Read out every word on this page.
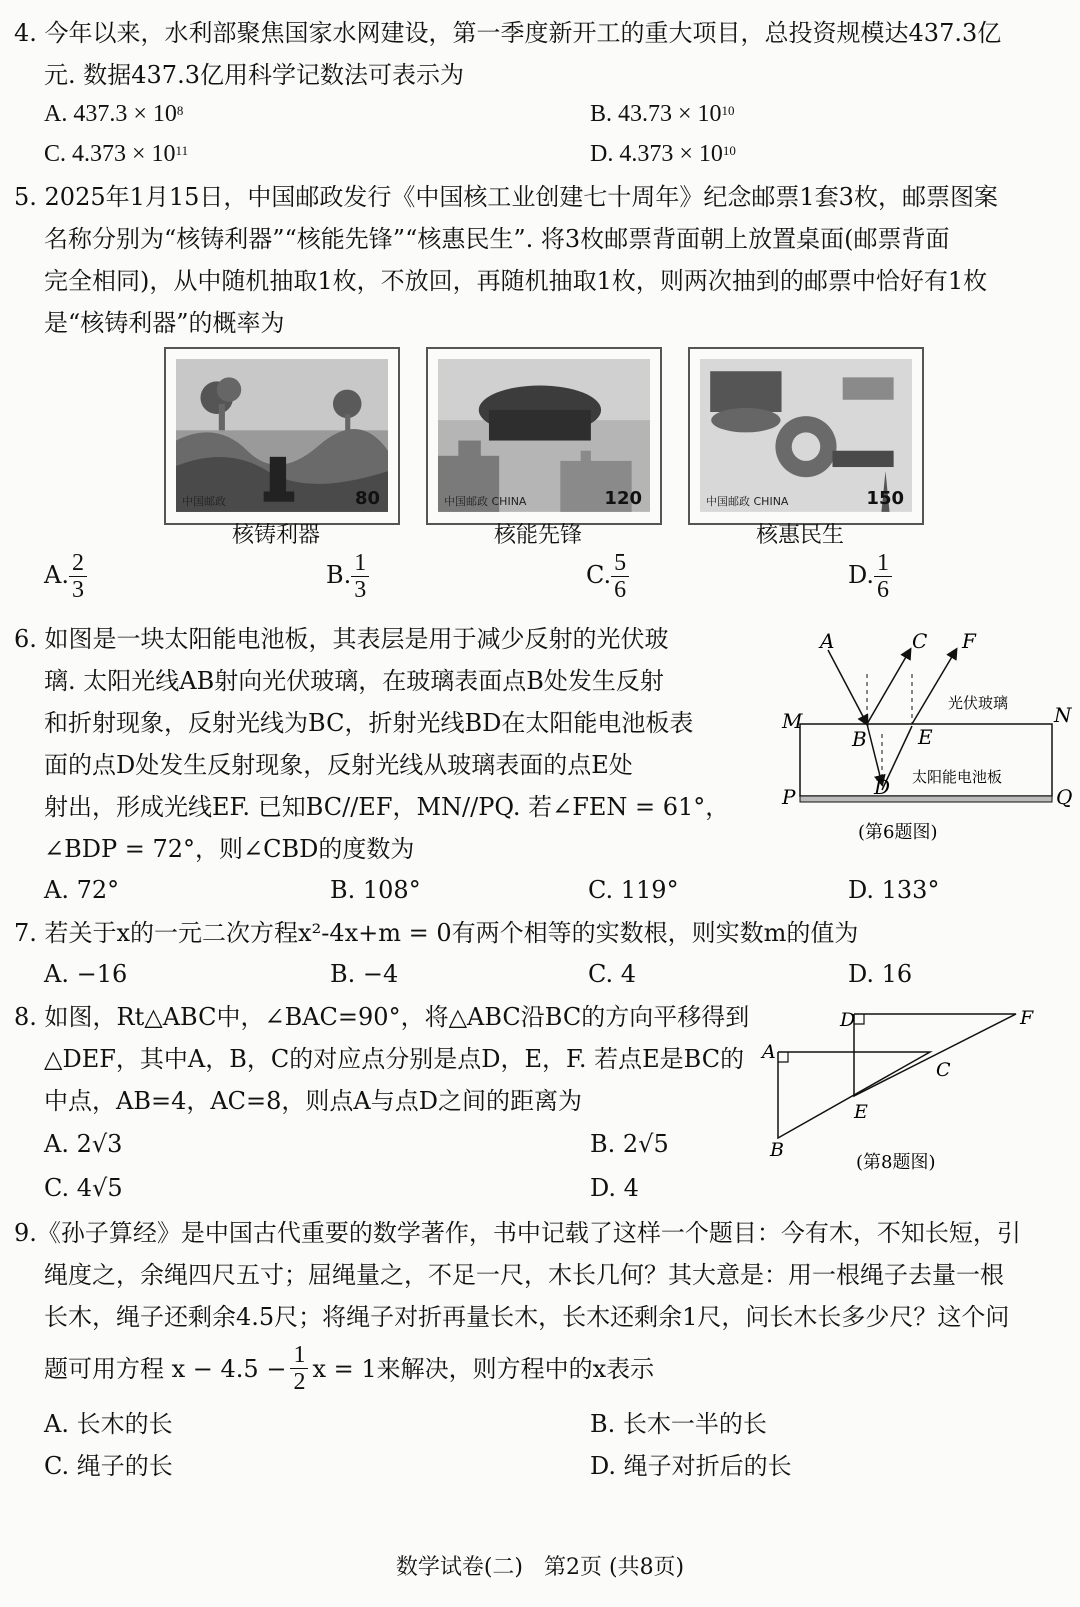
4. 今年以来，水利部聚焦国家水网建设，第一季度新开工的重大项目，总投资规模达437.3亿
元. 数据437.3亿用科学记数法可表示为
A. $437.3 \times 10^8$	B. $43.73 \times 10^{10}$
C. $4.373 \times 10^{11}$	D. $4.373 \times 10^{10}$
5. 2025年1月15日，中国邮政发行《中国核工业创建七十周年》纪念邮票1套3枚，邮票图案
名称分别为“核铸利器”“核能先锋”“核惠民生”. 将3枚邮票背面朝上放置桌面(邮票背面
完全相同)，从中随机抽取1枚，不放回，再随机抽取1枚，则两次抽到的邮票中恰好有1枚
是“核铸利器”的概率为
中国邮政	80
核铸利器
中国邮政 CHINA	120
核能先锋
中国邮政 CHINA	150
核惠民生
A. $\frac{2}{3}$	B. $\frac{1}{3}$	C. $\frac{5}{6}$	D. $\frac{1}{6}$
6. 如图是一块太阳能电池板，其表层是用于减少反射的光伏玻
璃. 太阳光线AB射向光伏玻璃，在玻璃表面点B处发生反射
和折射现象，反射光线为BC，折射光线BD在太阳能电池板表
面的点D处发生反射现象，反射光线从玻璃表面的点E处
射出，形成光线EF. 已知BC//EF，MN//PQ. 若∠FEN = 61°，
∠BDP = 72°，则∠CBD的度数为
A	C F
M	N
B	E
D
P	Q
光伏玻璃
太阳能电池板
(第6题图)
A. 72°	B. 108°	C. 119°	D. 133°
7. 若关于x的一元二次方程x²-4x+m = 0有两个相等的实数根，则实数m的值为
A. −16	B. −4	C. 4	D. 16
8. 如图，Rt△ABC中，∠BAC=90°，将△ABC沿BC的方向平移得到
△DEF，其中A，B，C的对应点分别是点D，E，F. 若点E是BC的
中点，AB=4，AC=8，则点A与点D之间的距离为
D	F
A
C
E
B
(第8题图)
A. 2√3	B. 2√5
C. 4√5	D. 4
9.《孙子算经》是中国古代重要的数学著作，书中记载了这样一个题目：今有木，不知长短，引
绳度之，余绳四尺五寸；屈绳量之，不足一尺，木长几何？其大意是：用一根绳子去量一根
长木，绳子还剩余4.5尺；将绳子对折再量长木，长木还剩余1尺，问长木长多少尺？这个问
题可用方程 $x - 4.5 - \frac{1}{2}$ x = 1来解决，则方程中的x表示
A. 长木的长	B. 长木一半的长
C. 绳子的长	D. 绳子对折后的长
数学试卷(二)   第2页 (共8页)
